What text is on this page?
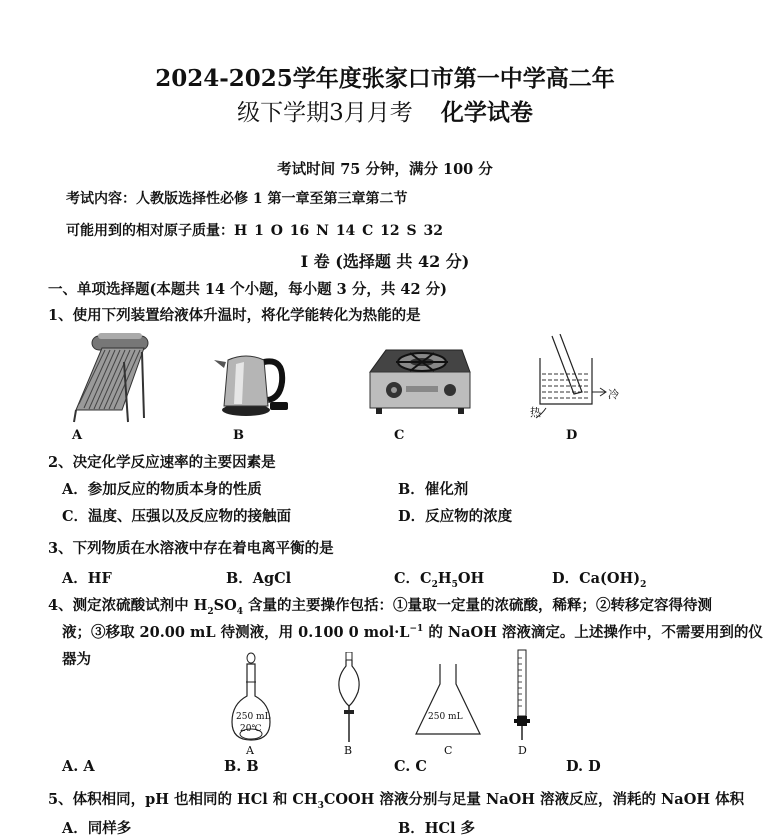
2024-2025学年度张家口市第一中学高二年
级下学期3月月考 化学试卷
考试时间 75 分钟，满分 100 分
考试内容：人教版选择性必修 1 第一章至第三章第二节
可能用到的相对原子质量：H 1 O 16 N 14 C 12 S 32
Ⅰ 卷 (选择题 共 42 分)
一、单项选择题(本题共 14 个小题，每小题 3 分，共 42 分)
1、使用下列装置给液体升温时，将化学能转化为热能的是
A	B	C
热
冷
D
2、决定化学反应速率的主要因素是
A．参加反应的物质本身的性质	B．催化剂
C．温度、压强以及反应物的接触面	D．反应物的浓度
3、下列物质在水溶液中存在着电离平衡的是
A．HF	B．AgCl	C．$C_2H_5OH$	D．$Ca(OH)_2$
4、测定浓硫酸试剂中 $H_2SO_4$ 含量的主要操作包括：①量取一定量的浓硫酸，稀释；②转移定容得待测
液；③移取 20.00 mL 待测液，用 0.100 0 $mol\cdot L^{-1}$ 的 NaOH 溶液滴定。上述操作中，不需要用到的仪
器为
250 mL
20℃
A	B
250 mL
C	D
A. A	B. B	C. C	D. D
5、体积相同，pH 也相同的 HCl 和 $CH_3COOH$ 溶液分别与足量 NaOH 溶液反应，消耗的 NaOH 体积
A．同样多	B．HCl 多
